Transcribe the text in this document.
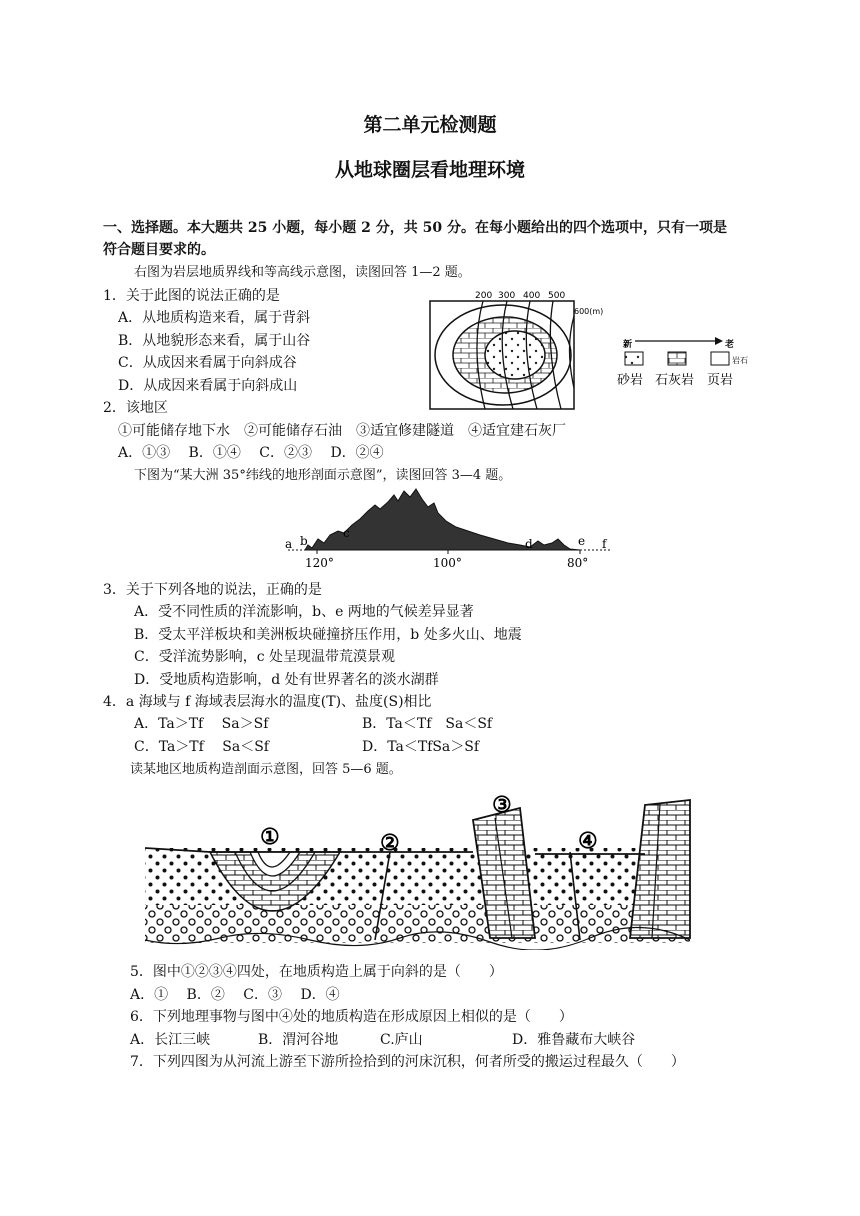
第二单元检测题
从地球圈层看地理环境
一、选择题。本大题共 25 小题，每小题 2 分，共 50 分。在每小题给出的四个选项中，只有一项是
符合题目要求的。
右图为岩层地质界线和等高线示意图，读图回答 1—2 题。
1．关于此图的说法正确的是
A．从地质构造来看，属于背斜
B．从地貌形态来看，属于山谷
C．从成因来看属于向斜成谷
D．从成因来看属于向斜成山
200 300 400 500
600(m)
新	老
岩石
砂岩 石灰岩 页岩
2．该地区
①可能储存地下水　②可能储存石油　③适宜修建隧道　④适宜建石灰厂
A．①③　 B．①④　 C．②③　 D．②④
下图为“某大洲 35°纬线的地形剖面示意图”，读图回答 3—4 题。
a b
c
d	e f
120°	100°	80°
3．关于下列各地的说法，正确的是
A．受不同性质的洋流影响，b、e 两地的气候差异显著
B．受太平洋板块和美洲板块碰撞挤压作用，b 处多火山、地震
C．受洋流势影响，c 处呈现温带荒漠景观
D．受地质构造影响，d 处有世界著名的淡水湖群
4．a 海域与 f 海域表层海水的温度(T)、盐度(S)相比
A．Ta＞Tf　 Sa＞Sf	B．Ta＜Tf　Sa＜Sf
C．Ta＞Tf　 Sa＜Sf	D．Ta＜TfSa＞Sf
读某地区地质构造剖面示意图，回答 5—6 题。
①	②
③
④
5．图中①②③④四处，在地质构造上属于向斜的是（　　）
A．①　 B．②　 C．③　 D．④
6．下列地理事物与图中④处的地质构造在形成原因上相似的是（　　）
A．长江三峡	B．渭河谷地	C.庐山	D．雅鲁藏布大峡谷
7．下列四图为从河流上游至下游所捡拾到的河床沉积，何者所受的搬运过程最久（　　）
